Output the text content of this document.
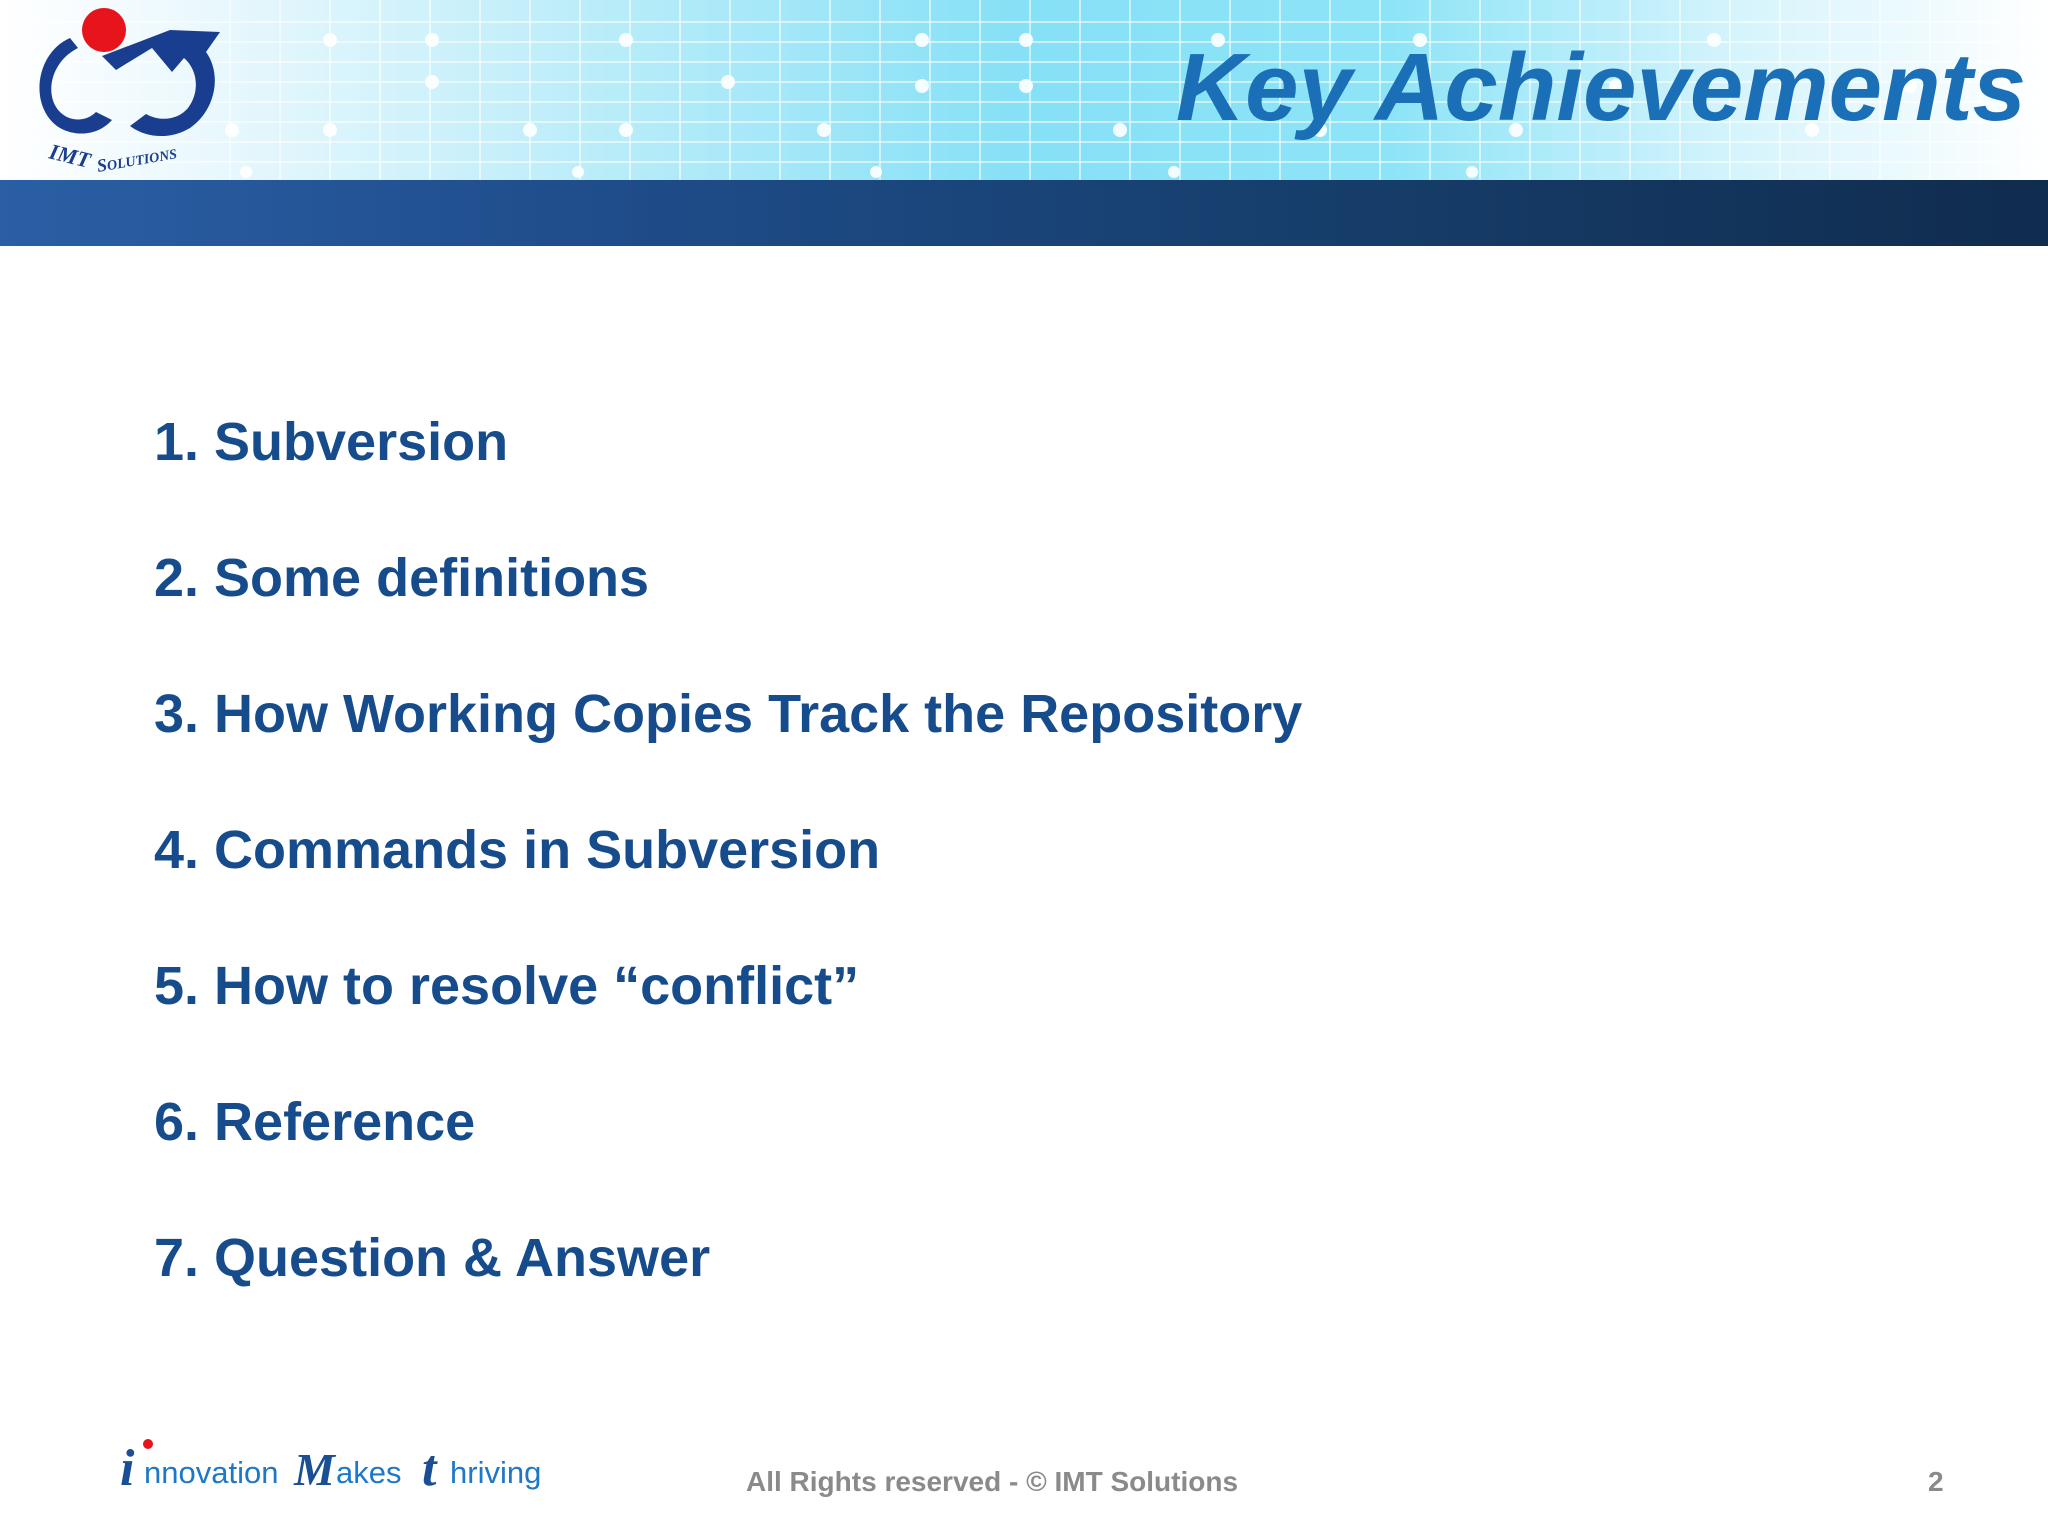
IMT SOLUTIONS
Key Achievements
1. Subversion
2. Some definitions
3. How Working Copies Track the Repository
4. Commands in Subversion
5. How to resolve “conflict”
6. Reference
7. Question & Answer
i nnovation M akes t hriving	All Rights reserved - © IMT Solutions	2
